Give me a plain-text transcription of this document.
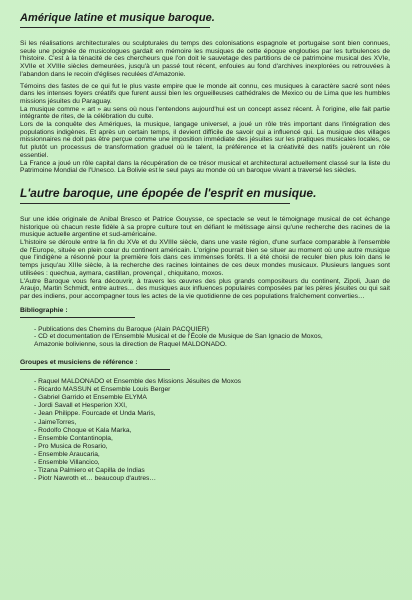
Amérique latine et musique baroque.

Si les réalisations architecturales ou sculpturales du temps des colonisations espagnole et portugaise sont bien connues, seule une poignée de musicologues gardait en mémoire les musiques de cette époque englouties par les turbulences de l'histoire. C'est à la ténacité de ces chercheurs que l'on doit le sauvetage des partitions de ce patrimoine musical des XVIe, XVIIe et XVIIIe siècles demeurées, jusqu'à un passé tout récent, enfouies au fond d'archives inexplorées ou retrouvées à l'abandon dans le recoin d'églises reculées d'Amazonie.

Témoins des fastes de ce qui fut le plus vaste empire que le monde ait connu, ces musiques à caractère sacré sont nées dans les intenses foyers créatifs que furent aussi bien les orgueilleuses cathédrales de Mexico ou de Lima que les humbles missions jésuites du Paraguay.

La musique comme « art » au sens où nous l'entendons aujourd'hui est un concept assez récent. À l'origine, elle fait partie intégrante de rites, de la célébration du culte.

Lors de la conquête des Amériques, la musique, langage universel, a joué un rôle très important dans l'intégration des populations indigènes. Et après un certain temps, il devient difficile de savoir qui a influencé qui. La musique des villages missionnaires ne doit pas être perçue comme une imposition immédiate des jésuites sur les pratiques musicales locales, ce fut plutôt un processus de transformation graduel où le talent, la préférence et la créativité des natifs jouèrent un rôle essentiel.

La France a joué un rôle capital dans la récupération de ce trésor musical et architectural actuellement classé sur la liste du Patrimoine Mondial de l'Unesco. La Bolivie est le seul pays au monde où un baroque vivant a traversé les siècles.

L'autre baroque, une épopée de l'esprit en musique.

Sur une idée originale de Anibal Bresco et Patrice Gouysse, ce spectacle se veut le témoignage musical de cet échange historique où chacun reste fidèle à sa propre culture tout en défiant le métissage ainsi qu'une recherche des racines de la musique actuelle argentine et sud-américaine.

L'histoire se déroule entre la fin du XVe et du XVIIIe siècle, dans une vaste région, d'une surface comparable à l'ensemble de l'Europe, située en plein cœur du continent américain. L'origine pourrait bien se situer au moment où une autre musique que l'indigène a résonné pour la première fois dans ces immenses forêts. Il a été choisi de reculer bien plus loin dans le temps jusqu'au XIIIe siècle, à la recherche des racines lointaines de ces deux mondes musicaux. Plusieurs langues sont utilisées : quechua, aymara, castillan, provençal , chiquitano, moxos.

L'Autre Baroque vous fera découvrir, à travers les œuvres des plus grands compositeurs du continent, Zipoli, Juan de Araujo, Martin Schmidt, entre autres… des musiques aux influences populaires composées par les pères jésuites ou qui sait par des indiens, pour accompagner tous les actes de la vie quotidienne de ces populations fraîchement converties…

Bibliographie :
- Publications des Chemins du Baroque (Alain PACQUIER)
- CD et documentation de l'Ensemble Musical et de l'École de Musique de San Ignacio de Moxos,
Amazonie bolivienne, sous la direction de Raquel MALDONADO.
Groupes et musiciens de référence :
- Raquel MALDONADO et Ensemble des Missions Jésuites de Moxos
- Ricardo MASSUN et Ensemble Louis Berger
- Gabriel Garrido et Ensemble ELYMA
- Jordi Savall et Hesperion XXI,
- Jean Philippe. Fourcade et Unda Maris,
- JaimeTorres,
- Rodolfo Choque et Kala Marka,
- Ensemble Contantinopla,
- Pro Musica de Rosario,
- Ensemble Araucaria,
- Ensemble Villancico,
- Tizana Palmiero et Capilla de Indias
- Piotr Nawroth et… beaucoup d'autres…
